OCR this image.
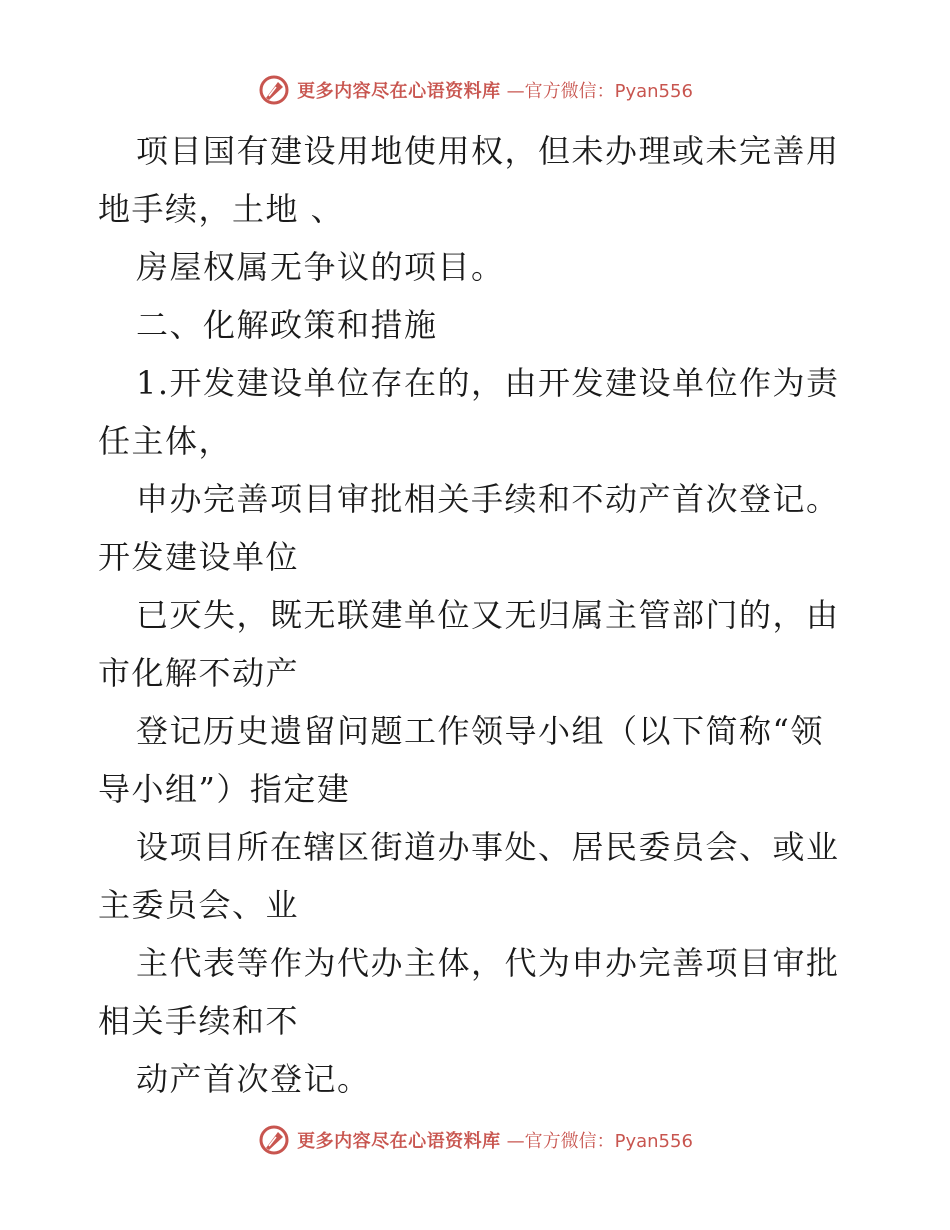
更多内容尽在心语资料库 —官方微信：Pyan556

项目国有建设用地使用权，但未办理或未完善用

地手续，土地 、

房屋权属无争议的项目。

二、化解政策和措施

1.开发建设单位存在的，由开发建设单位作为责

任主体，

申办完善项目审批相关手续和不动产首次登记。

开发建设单位

已灭失，既无联建单位又无归属主管部门的，由

市化解不动产

登记历史遗留问题工作领导小组（以下简称“领

导小组”）指定建

设项目所在辖区街道办事处、居民委员会、或业

主委员会、业

主代表等作为代办主体，代为申办完善项目审批

相关手续和不

动产首次登记。

更多内容尽在心语资料库 —官方微信：Pyan556
